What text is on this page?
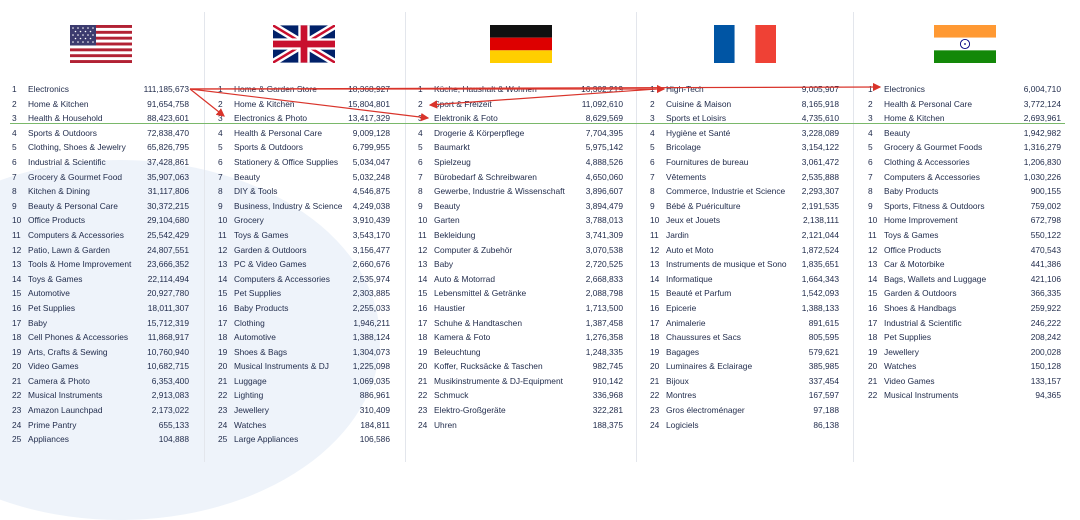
1	Electronics	111,185,673
2	Home & Kitchen	91,654,758
3	Health & Household	88,423,601
4	Sports & Outdoors	72,838,470
5	Clothing, Shoes & Jewelry	65,826,795
6	Industrial & Scientific	37,428,861
7	Grocery & Gourmet Food	35,907,063
8	Kitchen & Dining	31,117,806
9	Beauty & Personal Care	30,372,215
10 Office Products	29,104,680
11 Computers & Accessories	25,542,429
12 Patio, Lawn & Garden	24,807,551
13 Tools & Home Improvement 23,666,352
14 Toys & Games	22,114,494
15 Automotive	20,927,780
16 Pet Supplies	18,011,307
17 Baby	15,712,319
18 Cell Phones & Accessories 11,868,917
19 Arts, Crafts & Sewing	10,760,940
20 Video Games	10,682,715
21 Camera & Photo	6,353,400
22 Musical Instruments	2,913,083
23 Amazon Launchpad	2,173,022
24 Prime Pantry	655,133
25 Appliances	104,888
1	Home & Garden Store	18,368,927
2	Home & Kitchen	15,804,801
3	Electronics & Photo	13,417,329
4	Health & Personal Care	9,009,128
5	Sports & Outdoors	6,799,955
6	Stationery & Office Supplies 5,034,047
7	Beauty	5,032,248
8	DIY & Tools	4,546,875
9	Business, Industry & Science 4,249,038
10 Grocery	3,910,439
11 Toys & Games	3,543,170
12 Garden & Outdoors	3,156,477
13 PC & Video Games	2,660,676
14 Computers & Accessories	2,535,974
15 Pet Supplies	2,303,885
16 Baby Products	2,255,033
17 Clothing	1,946,211
18 Automotive	1,388,124
19 Shoes & Bags	1,304,073
20 Musical Instruments & DJ	1,225,098
21 Luggage	1,069,035
22 Lighting	886,961
23 Jewellery	310,409
24 Watches	184,811
25 Large Appliances	106,586
1	Küche, Haushalt & Wohnen	16,302,219
2	Sport & Freizeit	11,092,610
3	Elektronik & Foto	8,629,569
4	Drogerie & Körperpflege	7,704,395
5	Baumarkt	5,975,142
6	Spielzeug	4,888,526
7	Bürobedarf & Schreibwaren	4,650,060
8	Gewerbe, Industrie & Wissenschaft 3,896,607
9	Beauty	3,894,479
10 Garten	3,788,013
11 Bekleidung	3,741,309
12 Computer & Zubehör	3,070,538
13 Baby	2,720,525
14 Auto & Motorrad	2,668,833
15 Lebensmittel & Getränke	2,088,798
16 Haustier	1,713,500
17 Schuhe & Handtaschen	1,387,458
18 Kamera & Foto	1,276,358
19 Beleuchtung	1,248,335
20 Koffer, Rucksäcke & Taschen	982,745
21 Musikinstrumente & DJ-Equipment	910,142
22 Schmuck	336,968
23 Elektro-Großgeräte	322,281
24 Uhren	188,375
1	High-Tech	9,005,907
2	Cuisine & Maison	8,165,918
3	Sports et Loisirs	4,735,610
4	Hygiène et Santé	3,228,089
5	Bricolage	3,154,122
6	Fournitures de bureau	3,061,472
7	Vêtements	2,535,888
8	Commerce, Industrie et Science 2,293,307
9	Bébé & Puériculture	2,191,535
10 Jeux et Jouets	2,138,111
11 Jardin	2,121,044
12 Auto et Moto	1,872,524
13 Instruments de musique et Sono 1,835,651
14 Informatique	1,664,343
15 Beauté et Parfum	1,542,093
16 Epicerie	1,388,133
17 Animalerie	891,615
18 Chaussures et Sacs	805,595
19 Bagages	579,621
20 Luminaires & Eclairage	385,985
21 Bijoux	337,454
22 Montres	167,597
23 Gros électroménager	97,188
24 Logiciels	86,138
1	Electronics	6,004,710
2	Health & Personal Care	3,772,124
3	Home & Kitchen	2,693,961
4	Beauty	1,942,982
5	Grocery & Gourmet Foods	1,316,279
6	Clothing & Accessories	1,206,830
7	Computers & Accessories	1,030,226
8	Baby Products	900,155
9	Sports, Fitness & Outdoors	759,002
10 Home Improvement	672,798
11 Toys & Games	550,122
12 Office Products	470,543
13 Car & Motorbike	441,386
14 Bags, Wallets and Luggage	421,106
15 Garden & Outdoors	366,335
16 Shoes & Handbags	259,922
17 Industrial & Scientific	246,222
18 Pet Supplies	208,242
19 Jewellery	200,028
20 Watches	150,128
21 Video Games	133,157
22 Musical Instruments	94,365
